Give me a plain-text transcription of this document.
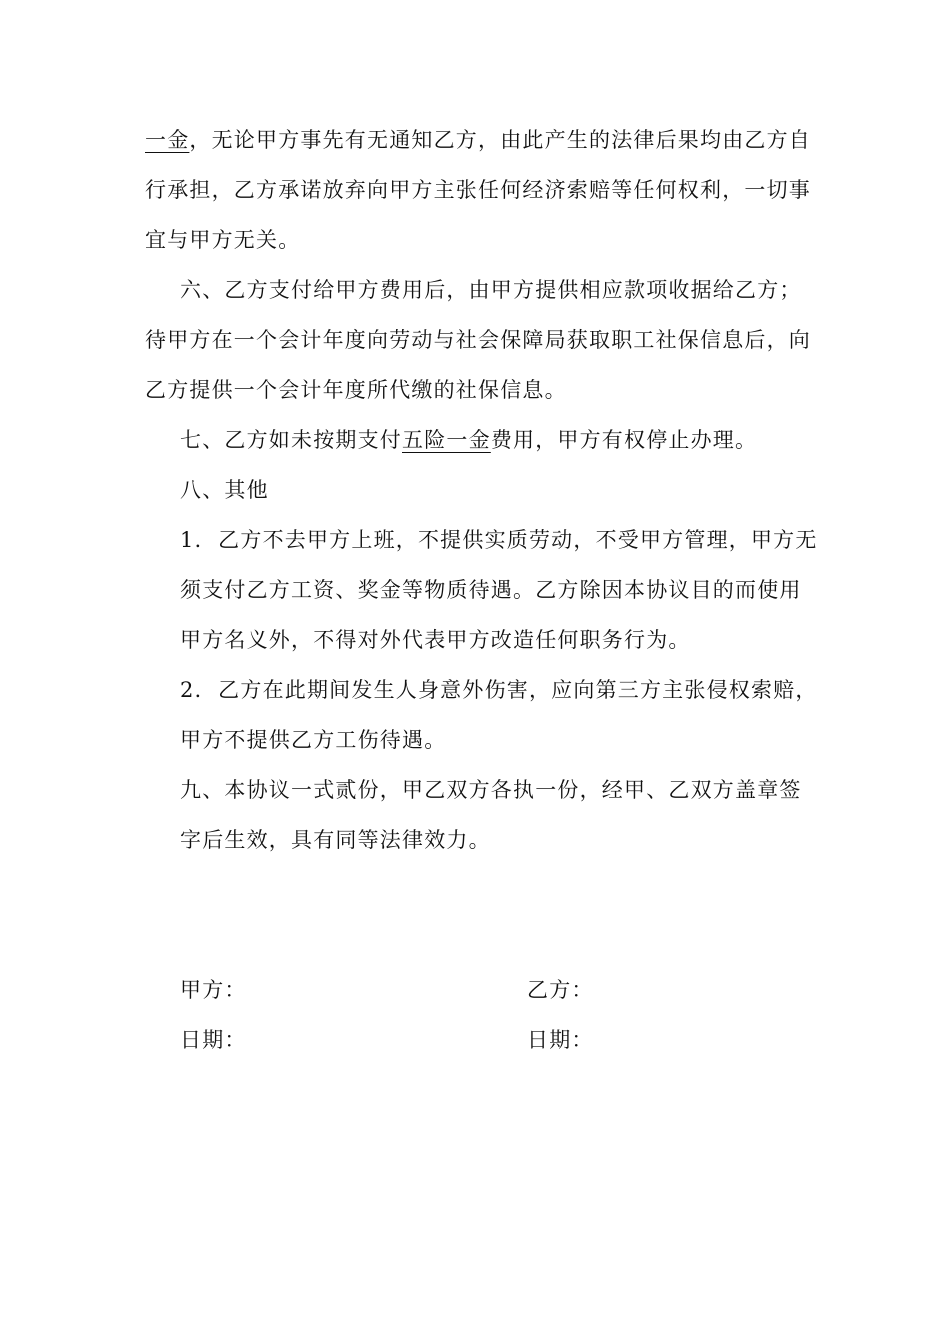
一金，无论甲方事先有无通知乙方，由此产生的法律后果均由乙方自
行承担，乙方承诺放弃向甲方主张任何经济索赔等任何权利，一切事
宜与甲方无关。
六、乙方支付给甲方费用后，由甲方提供相应款项收据给乙方；
待甲方在一个会计年度向劳动与社会保障局获取职工社保信息后，向
乙方提供一个会计年度所代缴的社保信息。
七、乙方如未按期支付五险一金费用，甲方有权停止办理。
八、其他
1.  乙方不去甲方上班，不提供实质劳动，不受甲方管理，甲方无
须支付乙方工资、奖金等物质待遇。乙方除因本协议目的而使用
甲方名义外，不得对外代表甲方改造任何职务行为。
2.  乙方在此期间发生人身意外伤害，应向第三方主张侵权索赔，
甲方不提供乙方工伤待遇。
九、本协议一式贰份，甲乙双方各执一份，经甲、乙双方盖章签
字后生效，具有同等法律效力。
甲方：	乙方：
日期：	日期：
